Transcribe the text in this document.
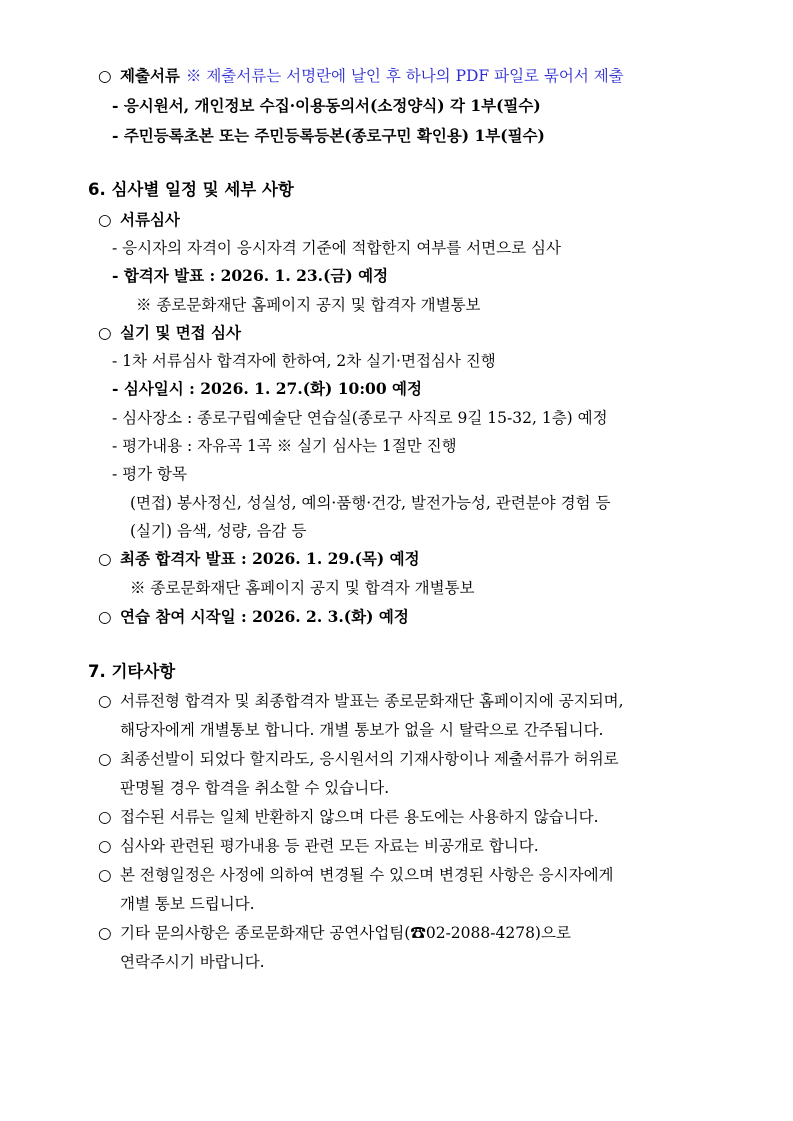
○ 제출서류 ※ 제출서류는 서명란에 날인 후 하나의 PDF 파일로 묶어서 제출
- 응시원서, 개인정보 수집·이용동의서(소정양식) 각 1부(필수)
- 주민등록초본 또는 주민등록등본(종로구민 확인용) 1부(필수)
6. 심사별 일정 및 세부 사항
○ 서류심사
- 응시자의 자격이 응시자격 기준에 적합한지 여부를 서면으로 심사
- 합격자 발표 : 2026. 1. 23.(금) 예정
※ 종로문화재단 홈페이지 공지 및 합격자 개별통보
○ 실기 및 면접 심사
- 1차 서류심사 합격자에 한하여, 2차 실기·면접심사 진행
- 심사일시 : 2026. 1. 27.(화) 10:00 예정
- 심사장소 : 종로구립예술단 연습실(종로구 사직로 9길 15-32, 1층) 예정
- 평가내용 : 자유곡 1곡 ※ 실기 심사는 1절만 진행
- 평가 항목
(면접) 봉사정신, 성실성, 예의·품행·건강, 발전가능성, 관련분야 경험 등
(실기) 음색, 성량, 음감 등
○ 최종 합격자 발표 : 2026. 1. 29.(목) 예정
※ 종로문화재단 홈페이지 공지 및 합격자 개별통보
○ 연습 참여 시작일 : 2026. 2. 3.(화) 예정
7. 기타사항
○ 서류전형 합격자 및 최종합격자 발표는 종로문화재단 홈페이지에 공지되며,
해당자에게 개별통보 합니다. 개별 통보가 없을 시 탈락으로 간주됩니다.
○ 최종선발이 되었다 할지라도, 응시원서의 기재사항이나 제출서류가 허위로
판명될 경우 합격을 취소할 수 있습니다.
○ 접수된 서류는 일체 반환하지 않으며 다른 용도에는 사용하지 않습니다.
○ 심사와 관련된 평가내용 등 관련 모든 자료는 비공개로 합니다.
○ 본 전형일정은 사정에 의하여 변경될 수 있으며 변경된 사항은 응시자에게
개별 통보 드립니다.
○ 기타 문의사항은 종로문화재단 공연사업팀(☎02-2088-4278)으로
연락주시기 바랍니다.
